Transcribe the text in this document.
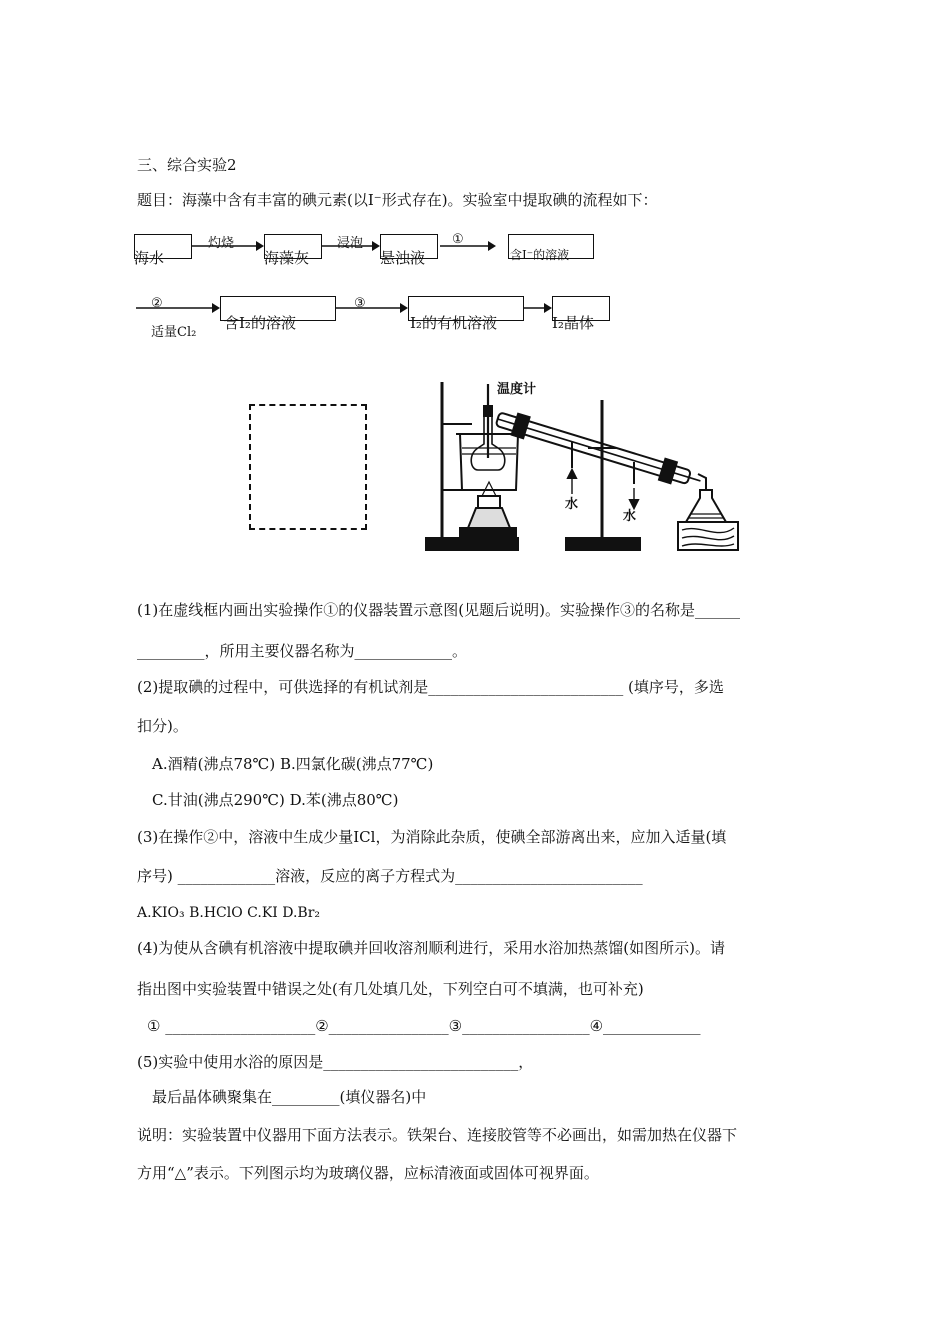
三、综合实验2
题目：海藻中含有丰富的碘元素(以I⁻形式存在)。实验室中提取碘的流程如下：
海水
灼烧
海藻灰
浸泡
悬浊液
①
含I⁻的溶液
②
适量Cl₂
含I₂的溶液
③
I₂的有机溶液	I₂晶体
温度计
水
水
(1)在虚线框内画出实验操作①的仪器装置示意图(见题后说明)。实验操作③的名称是______
_________，所用主要仪器名称为_____________。
(2)提取碘的过程中，可供选择的有机试剂是__________________________ (填序号，多选
扣分)。
A.酒精(沸点78℃) B.四氯化碳(沸点77℃)
C.甘油(沸点290℃) D.苯(沸点80℃)
(3)在操作②中，溶液中生成少量ICl，为消除此杂质，使碘全部游离出来，应加入适量(填
序号) _____________溶液，反应的离子方程式为_________________________
A.KIO₃ B.HClO C.KI D.Br₂
(4)为使从含碘有机溶液中提取碘并回收溶剂顺利进行，采用水浴加热蒸馏(如图所示)。请
指出图中实验装置中错误之处(有几处填几处，下列空白可不填满，也可补充)
① ____________________②________________③_________________④_____________
(5)实验中使用水浴的原因是__________________________，
最后晶体碘聚集在_________(填仪器名)中
说明：实验装置中仪器用下面方法表示。铁架台、连接胶管等不必画出，如需加热在仪器下
方用“△”表示。下列图示均为玻璃仪器，应标清液面或固体可视界面。
